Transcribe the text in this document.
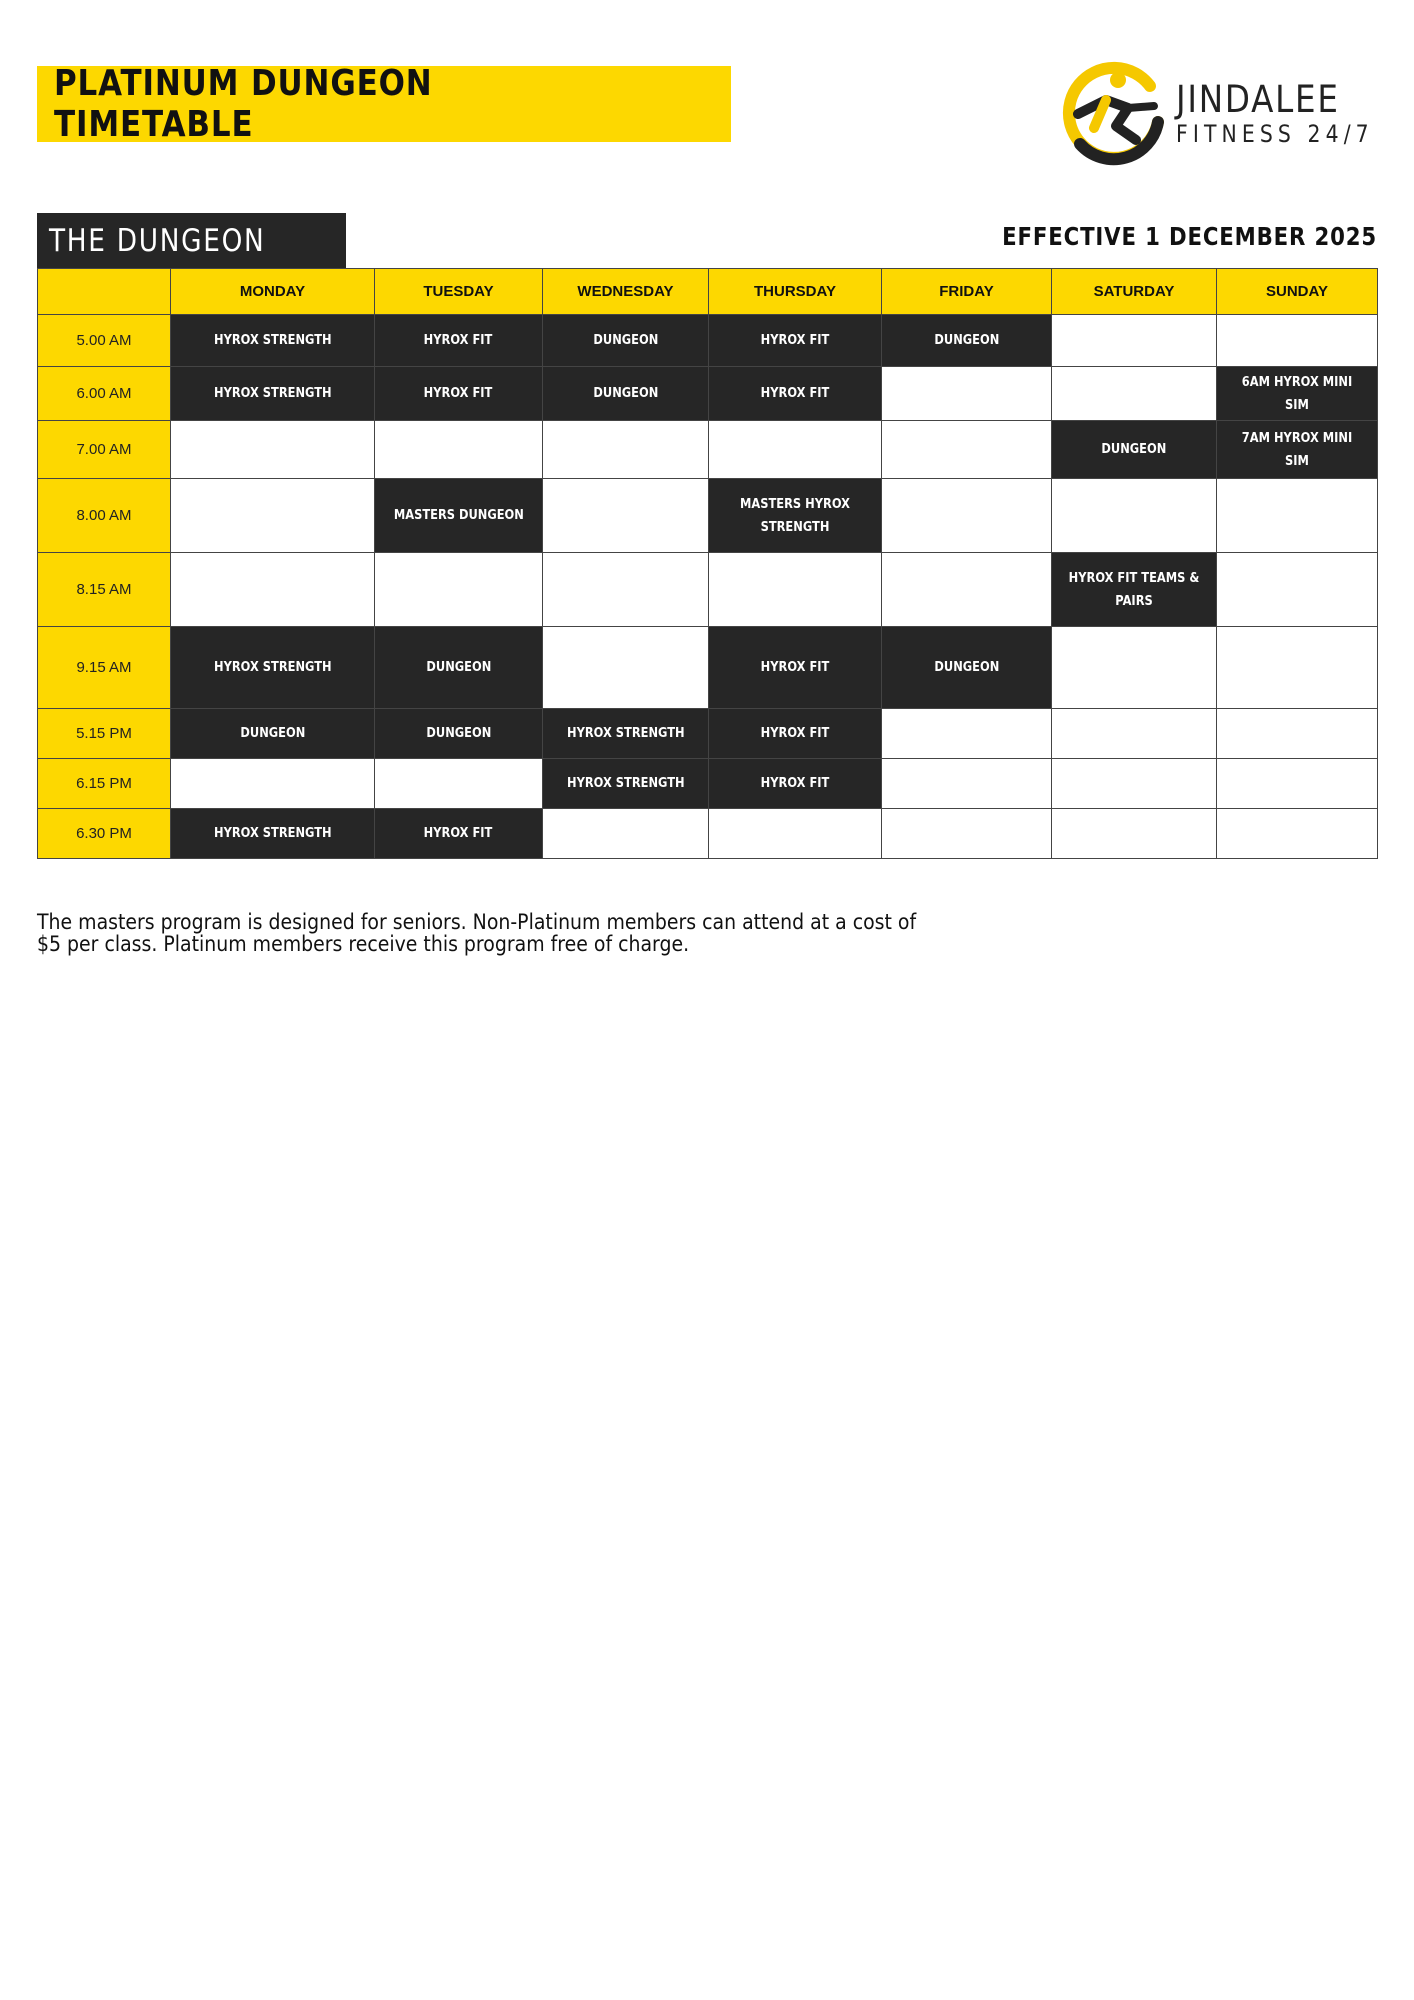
PLATINUM DUNGEON TIMETABLE
JINDALEE
FITNESS 24/7
THE DUNGEON	EFFECTIVE 1 DECEMBER 2025
	MONDAY	TUESDAY	WEDNESDAY	THURSDAY	FRIDAY	SATURDAY	SUNDAY
5.00 AM	HYROX STRENGTH	HYROX FIT	DUNGEON	HYROX FIT	DUNGEON		
6.00 AM	HYROX STRENGTH	HYROX FIT	DUNGEON	HYROX FIT			6AM HYROX MINI SIM
7.00 AM						DUNGEON	7AM HYROX MINI SIM
8.00 AM		MASTERS DUNGEON		MASTERS HYROX STRENGTH			
8.15 AM						HYROX FIT TEAMS & PAIRS	
9.15 AM	HYROX STRENGTH	DUNGEON		HYROX FIT	DUNGEON		
5.15 PM	DUNGEON	DUNGEON	HYROX STRENGTH	HYROX FIT			
6.15 PM			HYROX STRENGTH	HYROX FIT			
6.30 PM	HYROX STRENGTH	HYROX FIT					
The masters program is designed for seniors. Non-Platinum members can attend at a cost of $5 per class. Platinum members receive this program free of charge.
